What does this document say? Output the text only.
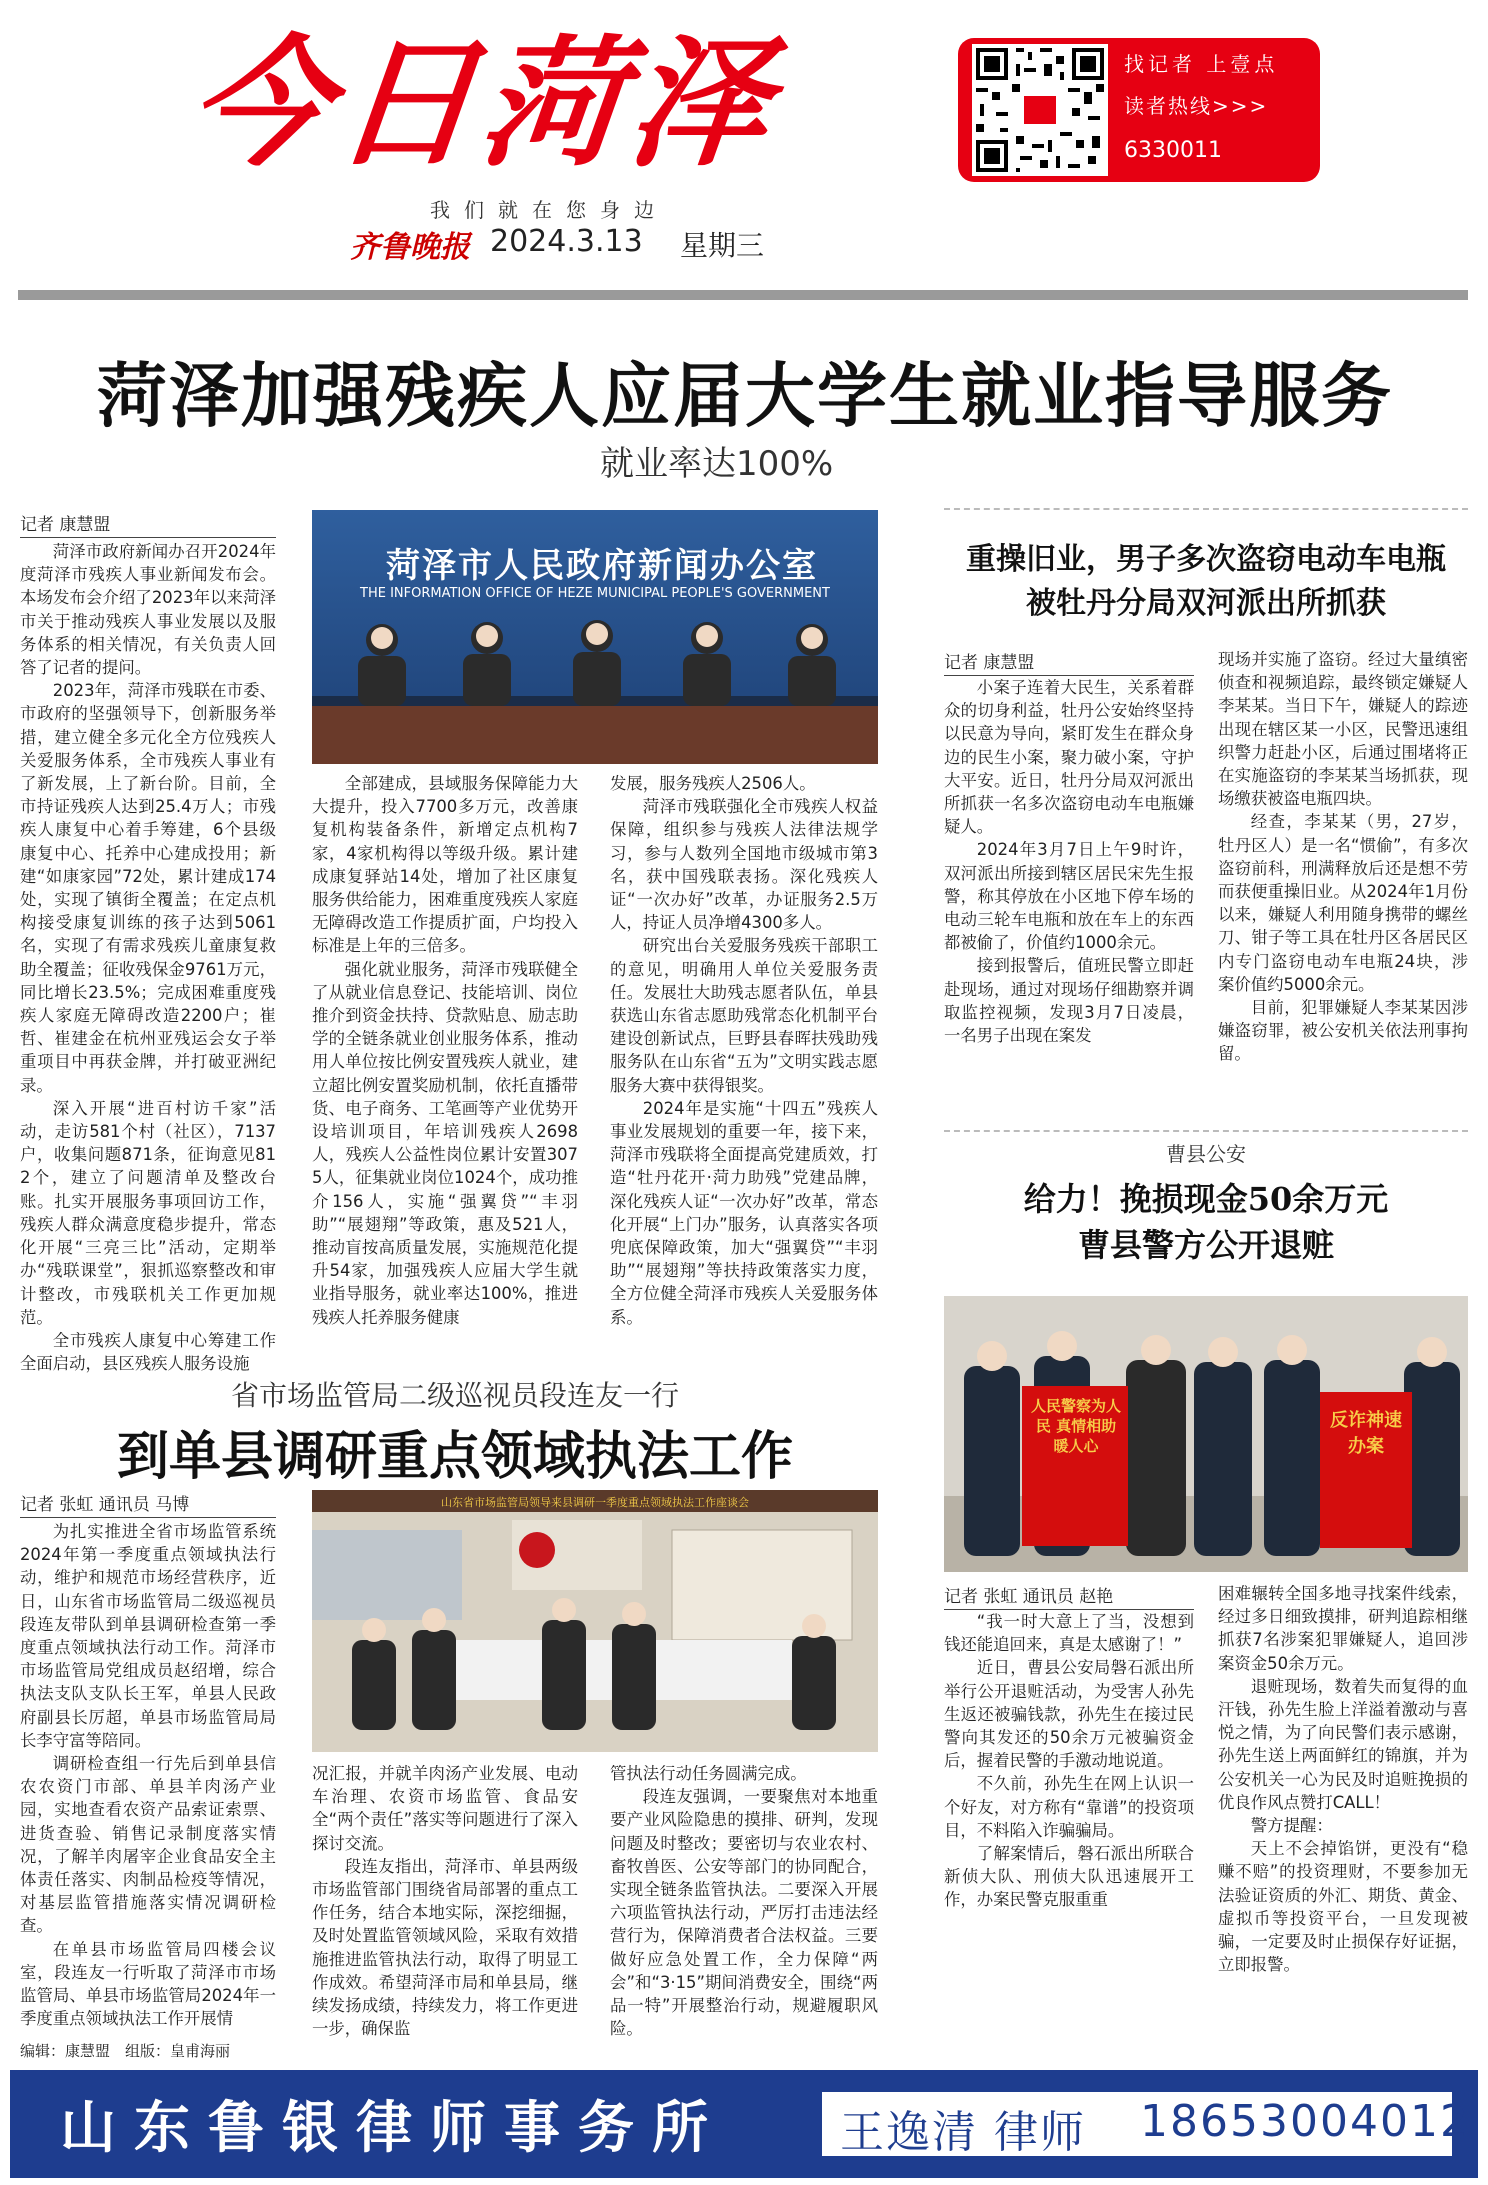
今日菏泽
我们就在您身边
齐鲁晚报 2024.3.13 星期三
找记者 上壹点
读者热线>>>
6330011
菏泽加强残疾人应届大学生就业指导服务
就业率达100%
记者 康慧盟
菏泽市人民政府新闻办公室
THE INFORMATION OFFICE OF HEZE MUNICIPAL PEOPLE'S GOVERNMENT

菏泽市政府新闻办召开2024年度菏泽市残疾人事业新闻发布会。本场发布会介绍了2023年以来菏泽市关于推动残疾人事业发展以及服务体系的相关情况，有关负责人回答了记者的提问。

2023年，菏泽市残联在市委、市政府的坚强领导下，创新服务举措，建立健全多元化全方位残疾人关爱服务体系，全市残疾人事业有了新发展，上了新台阶。目前，全市持证残疾人达到25.4万人；市残疾人康复中心着手筹建，6个县级康复中心、托养中心建成投用；新建“如康家园”72处，累计建成174处，实现了镇街全覆盖；在定点机构接受康复训练的孩子达到5061名，实现了有需求残疾儿童康复救助全覆盖；征收残保金9761万元，同比增长23.5%；完成困难重度残疾人家庭无障碍改造2200户；崔哲、崔建金在杭州亚残运会女子举重项目中再获金牌，并打破亚洲纪录。

深入开展“进百村访千家”活动，走访581个村（社区），7137户，收集问题871条，征询意见812个，建立了问题清单及整改台账。扎实开展服务事项回访工作，残疾人群众满意度稳步提升，常态化开展“三亮三比”活动，定期举办“残联课堂”，狠抓巡察整改和审计整改，市残联机关工作更加规范。

全市残疾人康复中心筹建工作全面启动，县区残疾人服务设施

全部建成，县域服务保障能力大大提升，投入7700多万元，改善康复机构装备条件，新增定点机构7家，4家机构得以等级升级。累计建成康复驿站14处，增加了社区康复服务供给能力，困难重度残疾人家庭无障碍改造工作提质扩面，户均投入标准是上年的三倍多。

强化就业服务，菏泽市残联健全了从就业信息登记、技能培训、岗位推介到资金扶持、贷款贴息、励志助学的全链条就业创业服务体系，推动用人单位按比例安置残疾人就业，建立超比例安置奖励机制，依托直播带货、电子商务、工笔画等产业优势开设培训项目，年培训残疾人2698人，残疾人公益性岗位累计安置3075人，征集就业岗位1024个，成功推介156人，实施“强翼贷”“丰羽助”“展翅翔”等政策，惠及521人，推动盲按高质量发展，实施规范化提升54家，加强残疾人应届大学生就业指导服务，就业率达100%，推进残疾人托养服务健康

发展，服务残疾人2506人。

菏泽市残联强化全市残疾人权益保障，组织参与残疾人法律法规学习，参与人数列全国地市级城市第3名，获中国残联表扬。深化残疾人证“一次办好”改革，办证服务2.5万人，持证人员净增4300多人。

研究出台关爱服务残疾干部职工的意见，明确用人单位关爱服务责任。发展壮大助残志愿者队伍，单县获选山东省志愿助残常态化机制平台建设创新试点，巨野县春晖扶残助残服务队在山东省“五为”文明实践志愿服务大赛中获得银奖。

2024年是实施“十四五”残疾人事业发展规划的重要一年，接下来，菏泽市残联将全面提高党建质效，打造“牡丹花开·菏力助残”党建品牌，深化残疾人证“一次办好”改革，常态化开展“上门办”服务，认真落实各项兜底保障政策，加大“强翼贷”“丰羽助”“展翅翔”等扶持政策落实力度，全方位健全菏泽市残疾人关爱服务体系。

重操旧业，男子多次盗窃电动车电瓶
被牡丹分局双河派出所抓获
记者 康慧盟

小案子连着大民生，关系着群众的切身利益，牡丹公安始终坚持以民意为导向，紧盯发生在群众身边的民生小案，聚力破小案，守护大平安。近日，牡丹分局双河派出所抓获一名多次盗窃电动车电瓶嫌疑人。

2024年3月7日上午9时许，双河派出所接到辖区居民宋先生报警，称其停放在小区地下停车场的电动三轮车电瓶和放在车上的东西都被偷了，价值约1000余元。

接到报警后，值班民警立即赶赴现场，通过对现场仔细勘察并调取监控视频，发现3月7日凌晨，一名男子出现在案发

现场并实施了盗窃。经过大量缜密侦查和视频追踪，最终锁定嫌疑人李某某。当日下午，嫌疑人的踪迹出现在辖区某一小区，民警迅速组织警力赶赴小区，后通过围堵将正在实施盗窃的李某某当场抓获，现场缴获被盗电瓶四块。

经查，李某某（男，27岁，牡丹区人）是一名“惯偷”，有多次盗窃前科，刑满释放后还是想不劳而获便重操旧业。从2024年1月份以来，嫌疑人利用随身携带的螺丝刀、钳子等工具在牡丹区各居民区内专门盗窃电动车电瓶24块，涉案价值约5000余元。

目前，犯罪嫌疑人李某某因涉嫌盗窃罪，被公安机关依法刑事拘留。

曹县公安
给力！挽损现金50余万元
曹县警方公开退赃
人民警察为人民 真情相助暖人心
反诈神速 办案
记者 张虹 通讯员 赵艳

“我一时大意上了当，没想到钱还能追回来，真是太感谢了！”

近日，曹县公安局磐石派出所举行公开退赃活动，为受害人孙先生返还被骗钱款，孙先生在接过民警向其发还的50余万元被骗资金后，握着民警的手激动地说道。

不久前，孙先生在网上认识一个好友，对方称有“靠谱”的投资项目，不料陷入诈骗骗局。

了解案情后，磐石派出所联合新侦大队、刑侦大队迅速展开工作，办案民警克服重重

困难辗转全国多地寻找案件线索，经过多日细致摸排，研判追踪相继抓获7名涉案犯罪嫌疑人，追回涉案资金50余万元。

退赃现场，数着失而复得的血汗钱，孙先生脸上洋溢着激动与喜悦之情，为了向民警们表示感谢，孙先生送上两面鲜红的锦旗，并为公安机关一心为民及时追赃挽损的优良作风点赞打CALL！

警方提醒：

天上不会掉馅饼，更没有“稳赚不赔”的投资理财，不要参加无法验证资质的外汇、期货、黄金、虚拟币等投资平台，一旦发现被骗，一定要及时止损保存好证据，立即报警。

省市场监管局二级巡视员段连友一行
到单县调研重点领域执法工作
记者 张虹 通讯员 马博	山东省市场监管局领导来县调研一季度重点领域执法工作座谈会

为扎实推进全省市场监管系统2024年第一季度重点领域执法行动，维护和规范市场经营秩序，近日，山东省市场监管局二级巡视员段连友带队到单县调研检查第一季度重点领域执法行动工作。菏泽市市场监管局党组成员赵绍增，综合执法支队支队长王军，单县人民政府副县长厉超，单县市场监管局局长李守富等陪同。

调研检查组一行先后到单县信农农资门市部、单县羊肉汤产业园，实地查看农资产品索证索票、进货查验、销售记录制度落实情况，了解羊肉屠宰企业食品安全主体责任落实、肉制品检疫等情况，对基层监管措施落实情况调研检查。

在单县市场监管局四楼会议室，段连友一行听取了菏泽市市场监管局、单县市场监管局2024年一季度重点领域执法工作开展情

况汇报，并就羊肉汤产业发展、电动车治理、农资市场监管、食品安全“两个责任”落实等问题进行了深入探讨交流。

段连友指出，菏泽市、单县两级市场监管部门围绕省局部署的重点工作任务，结合本地实际，深挖细掘，及时处置监管领域风险，采取有效措施推进监管执法行动，取得了明显工作成效。希望菏泽市局和单县局，继续发扬成绩，持续发力，将工作更进一步，确保监

管执法行动任务圆满完成。

段连友强调，一要聚焦对本地重要产业风险隐患的摸排、研判，发现问题及时整改；要密切与农业农村、畜牧兽医、公安等部门的协同配合，实现全链条监管执法。二要深入开展六项监管执法行动，严厉打击违法经营行为，保障消费者合法权益。三要做好应急处置工作，全力保障“两会”和“3·15”期间消费安全，围绕“两品一特”开展整治行动，规避履职风险。

编辑：康慧盟　组版：皇甫海丽
山东鲁银律师事务所	王逸清 律师 18653004012
